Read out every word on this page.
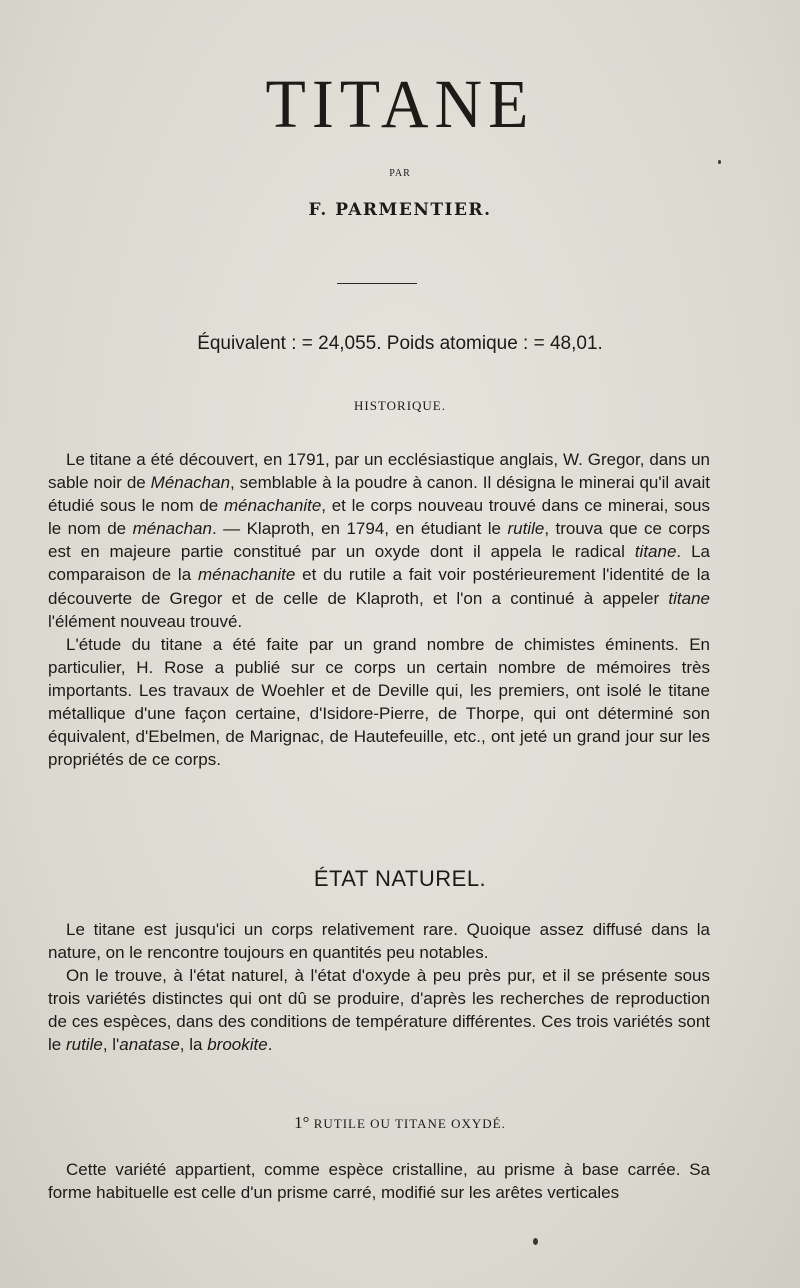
TITANE
PAR
F. PARMENTIER.
Équivalent : = 24,055. Poids atomique : = 48,01.
HISTORIQUE.

Le titane a été découvert, en 1791, par un ecclésiastique anglais, W. Gregor, dans un sable noir de Ménachan, semblable à la poudre à canon. Il désigna le minerai qu'il avait étudié sous le nom de ménachanite, et le corps nouveau trouvé dans ce minerai, sous le nom de ménachan. — Klaproth, en 1794, en étudiant le rutile, trouva que ce corps est en majeure partie constitué par un oxyde dont il appela le radical titane. La comparaison de la ménachanite et du rutile a fait voir postérieurement l'identité de la découverte de Gregor et de celle de Klaproth, et l'on a continué à appeler titane l'élément nouveau trouvé.

L'étude du titane a été faite par un grand nombre de chimistes éminents. En particulier, H. Rose a publié sur ce corps un certain nombre de mémoires très importants. Les travaux de Woehler et de Deville qui, les premiers, ont isolé le titane métallique d'une façon certaine, d'Isidore-Pierre, de Thorpe, qui ont déterminé son équivalent, d'Ebelmen, de Marignac, de Hautefeuille, etc., ont jeté un grand jour sur les propriétés de ce corps.

ÉTAT NATUREL.

Le titane est jusqu'ici un corps relativement rare. Quoique assez diffusé dans la nature, on le rencontre toujours en quantités peu notables.

On le trouve, à l'état naturel, à l'état d'oxyde à peu près pur, et il se présente sous trois variétés distinctes qui ont dû se produire, d'après les recherches de reproduction de ces espèces, dans des conditions de température différentes. Ces trois variétés sont le rutile, l'anatase, la brookite.

1° RUTILE OU TITANE OXYDÉ.

Cette variété appartient, comme espèce cristalline, au prisme à base carrée. Sa forme habituelle est celle d'un prisme carré, modifié sur les arêtes verticales
